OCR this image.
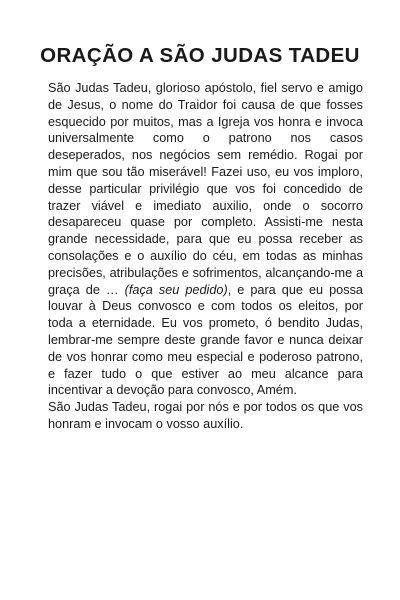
ORAÇÃO A SÃO JUDAS TADEU

São Judas Tadeu, glorioso apóstolo, fiel servo e amigo de Jesus, o nome do Traidor foi causa de que fosses esquecido por muitos, mas a Igreja vos honra e invoca universalmente como o patrono nos casos deseperados, nos negócios sem remédio. Rogai por mim que sou tão miserável! Fazei uso, eu vos imploro, desse particular privilégio que vos foi concedido de trazer viável e imediato auxilio, onde o socorro desapareceu quase por completo. Assisti-me nesta grande necessidade, para que eu possa receber as consolações e o auxílio do céu, em todas as minhas precisões, atribulações e sofrimentos, alcançando-me a graça de … (faça seu pedido), e para que eu possa louvar à Deus convosco e com todos os eleitos, por toda a eternidade. Eu vos prometo, ó bendito Judas, lembrar-me sempre deste grande favor e nunca deixar de vos honrar como meu especial e poderoso patrono, e fazer tudo o que estiver ao meu alcance para incentivar a devoção para convosco, Amém.

São Judas Tadeu, rogai por nós e por todos os que vos honram e invocam o vosso auxílio.
